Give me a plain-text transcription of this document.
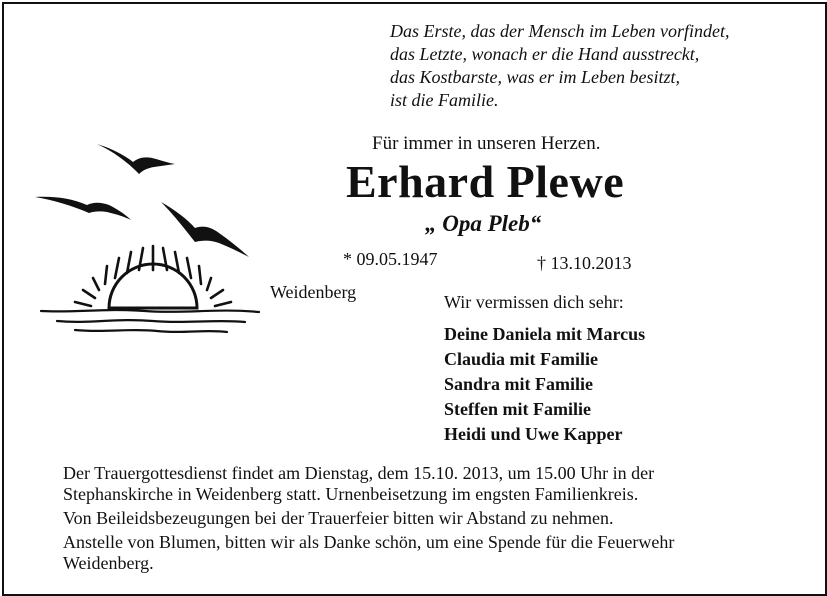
Das Erste, das der Mensch im Leben vorfindet,
das Letzte, wonach er die Hand ausstreckt,
das Kostbarste, was er im Leben besitzt,
ist die Familie.
Für immer in unseren Herzen.
Erhard Plewe
„ Opa Pleb“
* 09.05.1947	† 13.10.2013
Weidenberg	Wir vermissen dich sehr:
Deine Daniela mit Marcus
Claudia mit Familie
Sandra mit Familie
Steffen mit Familie
Heidi und Uwe Kapper
Der Trauergottesdienst findet am Dienstag, dem 15.10. 2013, um 15.00 Uhr in der
Stephanskirche in Weidenberg statt. Urnenbeisetzung im engsten Familienkreis.
Von Beileidsbezeugungen bei der Trauerfeier bitten wir Abstand zu nehmen.
Anstelle von Blumen, bitten wir als Danke schön, um eine Spende für die Feuerwehr
Weidenberg.
